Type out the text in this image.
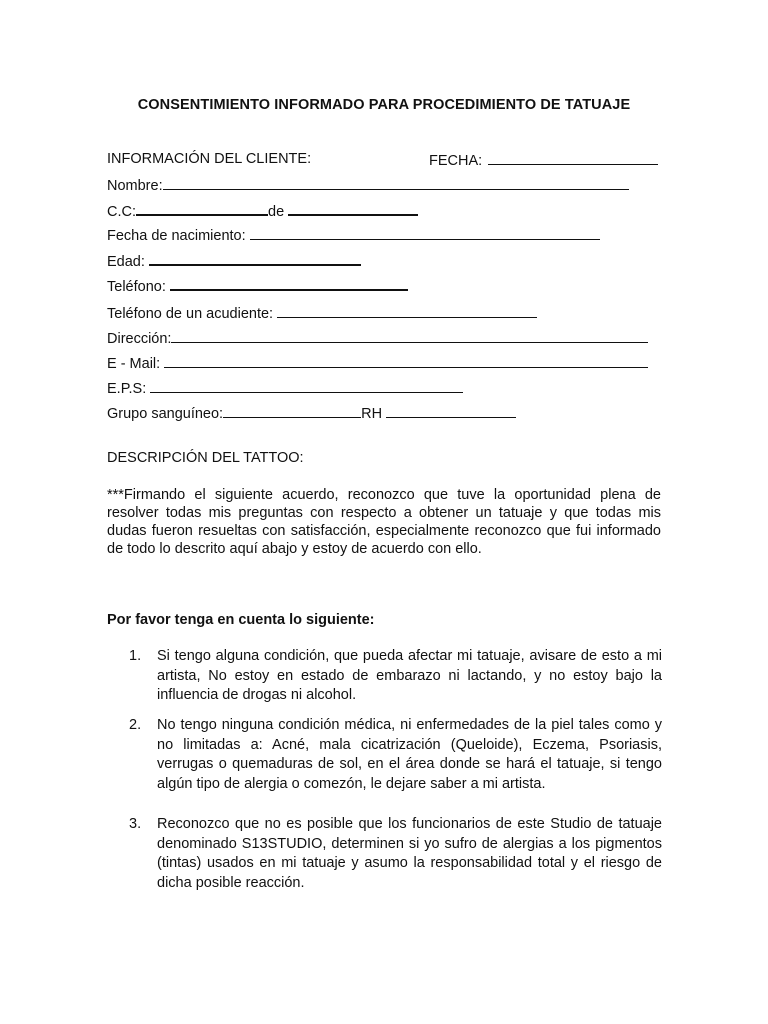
CONSENTIMIENTO INFORMADO PARA PROCEDIMIENTO DE TATUAJE
INFORMACIÓN DEL CLIENTE:	FECHA:
Nombre:
C.C:	de
Fecha de nacimiento:
Edad:
Teléfono:
Teléfono de un acudiente:
Dirección:
E - Mail:
E.P.S:
Grupo sanguíneo:	RH
DESCRIPCIÓN DEL TATTOO:
***Firmando el siguiente acuerdo, reconozco que tuve la oportunidad plena de resolver todas mis preguntas con respecto a obtener un tatuaje y que todas mis dudas fueron resueltas con satisfacción, especialmente reconozco que fui informado de todo lo descrito aquí abajo y estoy de acuerdo con ello.
Por favor tenga en cuenta lo siguiente:
1. Si tengo alguna condición, que pueda afectar mi tatuaje, avisare de esto a mi artista, No estoy en estado de embarazo ni lactando, y no estoy bajo la influencia de drogas ni alcohol.
2. No tengo ninguna condición médica, ni enfermedades de la piel tales como y no limitadas a: Acné, mala cicatrización (Queloide), Eczema, Psoriasis, verrugas o quemaduras de sol, en el área donde se hará el tatuaje, si tengo algún tipo de alergia o comezón, le dejare saber a mi artista.
3. Reconozco que no es posible que los funcionarios de este Studio de tatuaje denominado S13STUDIO, determinen si yo sufro de alergias a los pigmentos (tintas) usados en mi tatuaje y asumo la responsabilidad total y el riesgo de dicha posible reacción.
